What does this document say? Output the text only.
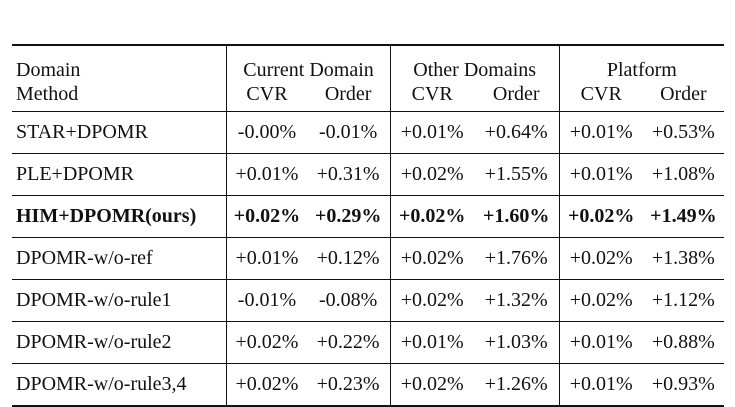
Domain	Current Domain		Other Domains		Platform	
Method	CVR	Order	CVR	Order	CVR	Order
STAR+DPOMR	-0.00%	-0.01%	+0.01%	+0.64%	+0.01%	+0.53%
PLE+DPOMR	+0.01%	+0.31%	+0.02%	+1.55%	+0.01%	+1.08%
HIM+DPOMR(ours)	+0.02%	+0.29%	+0.02%	+1.60%	+0.02%	+1.49%
DPOMR-w/o-ref	+0.01%	+0.12%	+0.02%	+1.76%	+0.02%	+1.38%
DPOMR-w/o-rule1	-0.01%	-0.08%	+0.02%	+1.32%	+0.02%	+1.12%
DPOMR-w/o-rule2	+0.02%	+0.22%	+0.01%	+1.03%	+0.01%	+0.88%
DPOMR-w/o-rule3,4	+0.02%	+0.23%	+0.02%	+1.26%	+0.01%	+0.93%
